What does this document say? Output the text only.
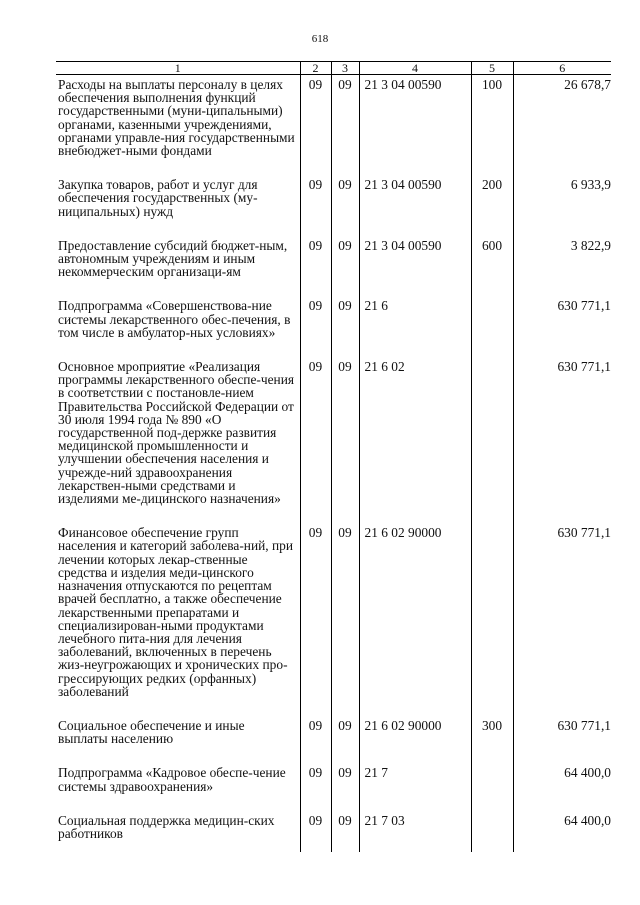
618
1	2	3	4	5	6
Расходы на выплаты персоналу в целях обеспечения выполнения функций государственными (муни-ципальными) органами, казенными учреждениями, органами управле-ния государственными внебюджет-ными фондами	09	09	21 3 04 00590	100	26 678,7
Закупка товаров, работ и услуг для обеспечения государственных (му-ниципальных) нужд	09	09	21 3 04 00590	200	6 933,9
Предоставление субсидий бюджет-ным, автономным учреждениям и иным некоммерческим организаци-ям	09	09	21 3 04 00590	600	3 822,9
Подпрограмма «Совершенствова-ние системы лекарственного обес-печения, в том числе в амбулатор-ных условиях»	09	09	21 6		630 771,1
Основное мроприятие «Реализация программы лекарственного обеспе-чения в соответствии с постановле-нием Правительства Российской Федерации от 30 июля 1994 года № 890 «О государственной под-держке развития медицинской промышленности и улучшении обеспечения населения и учрежде-ний здравоохранения лекарствен-ными средствами и изделиями ме-дицинского назначения»	09	09	21 6 02		630 771,1
Финансовое обеспечение групп населения и категорий заболева-ний, при лечении которых лекар-ственные средства и изделия меди-цинского назначения отпускаются по рецептам врачей бесплатно, а также обеспечение лекарственными препаратами и специализирован-ными продуктами лечебного пита-ния для лечения заболеваний, включенных в перечень жиз-неугрожающих и хронических про-грессирующих редких (орфанных) заболеваний	09	09	21 6 02 90000		630 771,1
Социальное обеспечение и иные выплаты населению	09	09	21 6 02 90000	300	630 771,1
Подпрограмма «Кадровое обеспе-чение системы здравоохранения»	09	09	21 7		64 400,0
Социальная поддержка медицин-ских работников	09	09	21 7 03		64 400,0
